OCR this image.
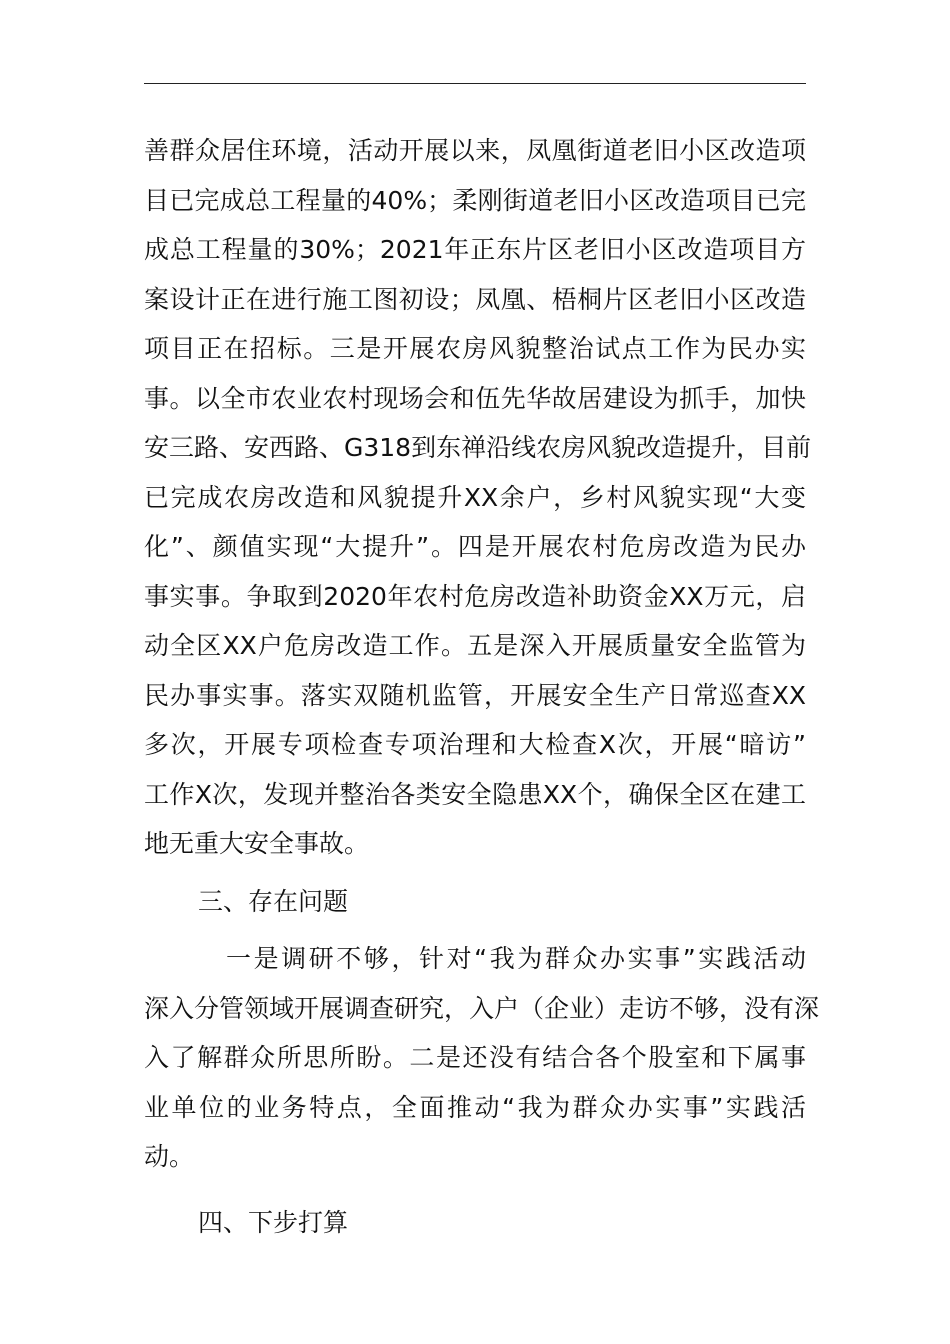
善群众居住环境，活动开展以来，凤凰街道老旧小区改造项
目已完成总工程量的40%；柔刚街道老旧小区改造项目已完
成总工程量的30%；2021年正东片区老旧小区改造项目方
案设计正在进行施工图初设；凤凰、梧桐片区老旧小区改造
项目正在招标。三是开展农房风貌整治试点工作为民办实
事。以全市农业农村现场会和伍先华故居建设为抓手，加快
安三路、安西路、G318到东禅沿线农房风貌改造提升，目前
已完成农房改造和风貌提升XX余户，乡村风貌实现“大变
化”、颜值实现“大提升”。四是开展农村危房改造为民办
事实事。争取到2020年农村危房改造补助资金XX万元，启
动全区XX户危房改造工作。五是深入开展质量安全监管为
民办事实事。落实双随机监管，开展安全生产日常巡查XX
多次，开展专项检查专项治理和大检查X次，开展“暗访”
工作X次，发现并整治各类安全隐患XX个，确保全区在建工
地无重大安全事故。
三、存在问题
一是调研不够，针对“我为群众办实事”实践活动
深入分管领域开展调查研究，入户（企业）走访不够，没有深
入了解群众所思所盼。二是还没有结合各个股室和下属事
业单位的业务特点，全面推动“我为群众办实事”实践活
动。
四、下步打算
